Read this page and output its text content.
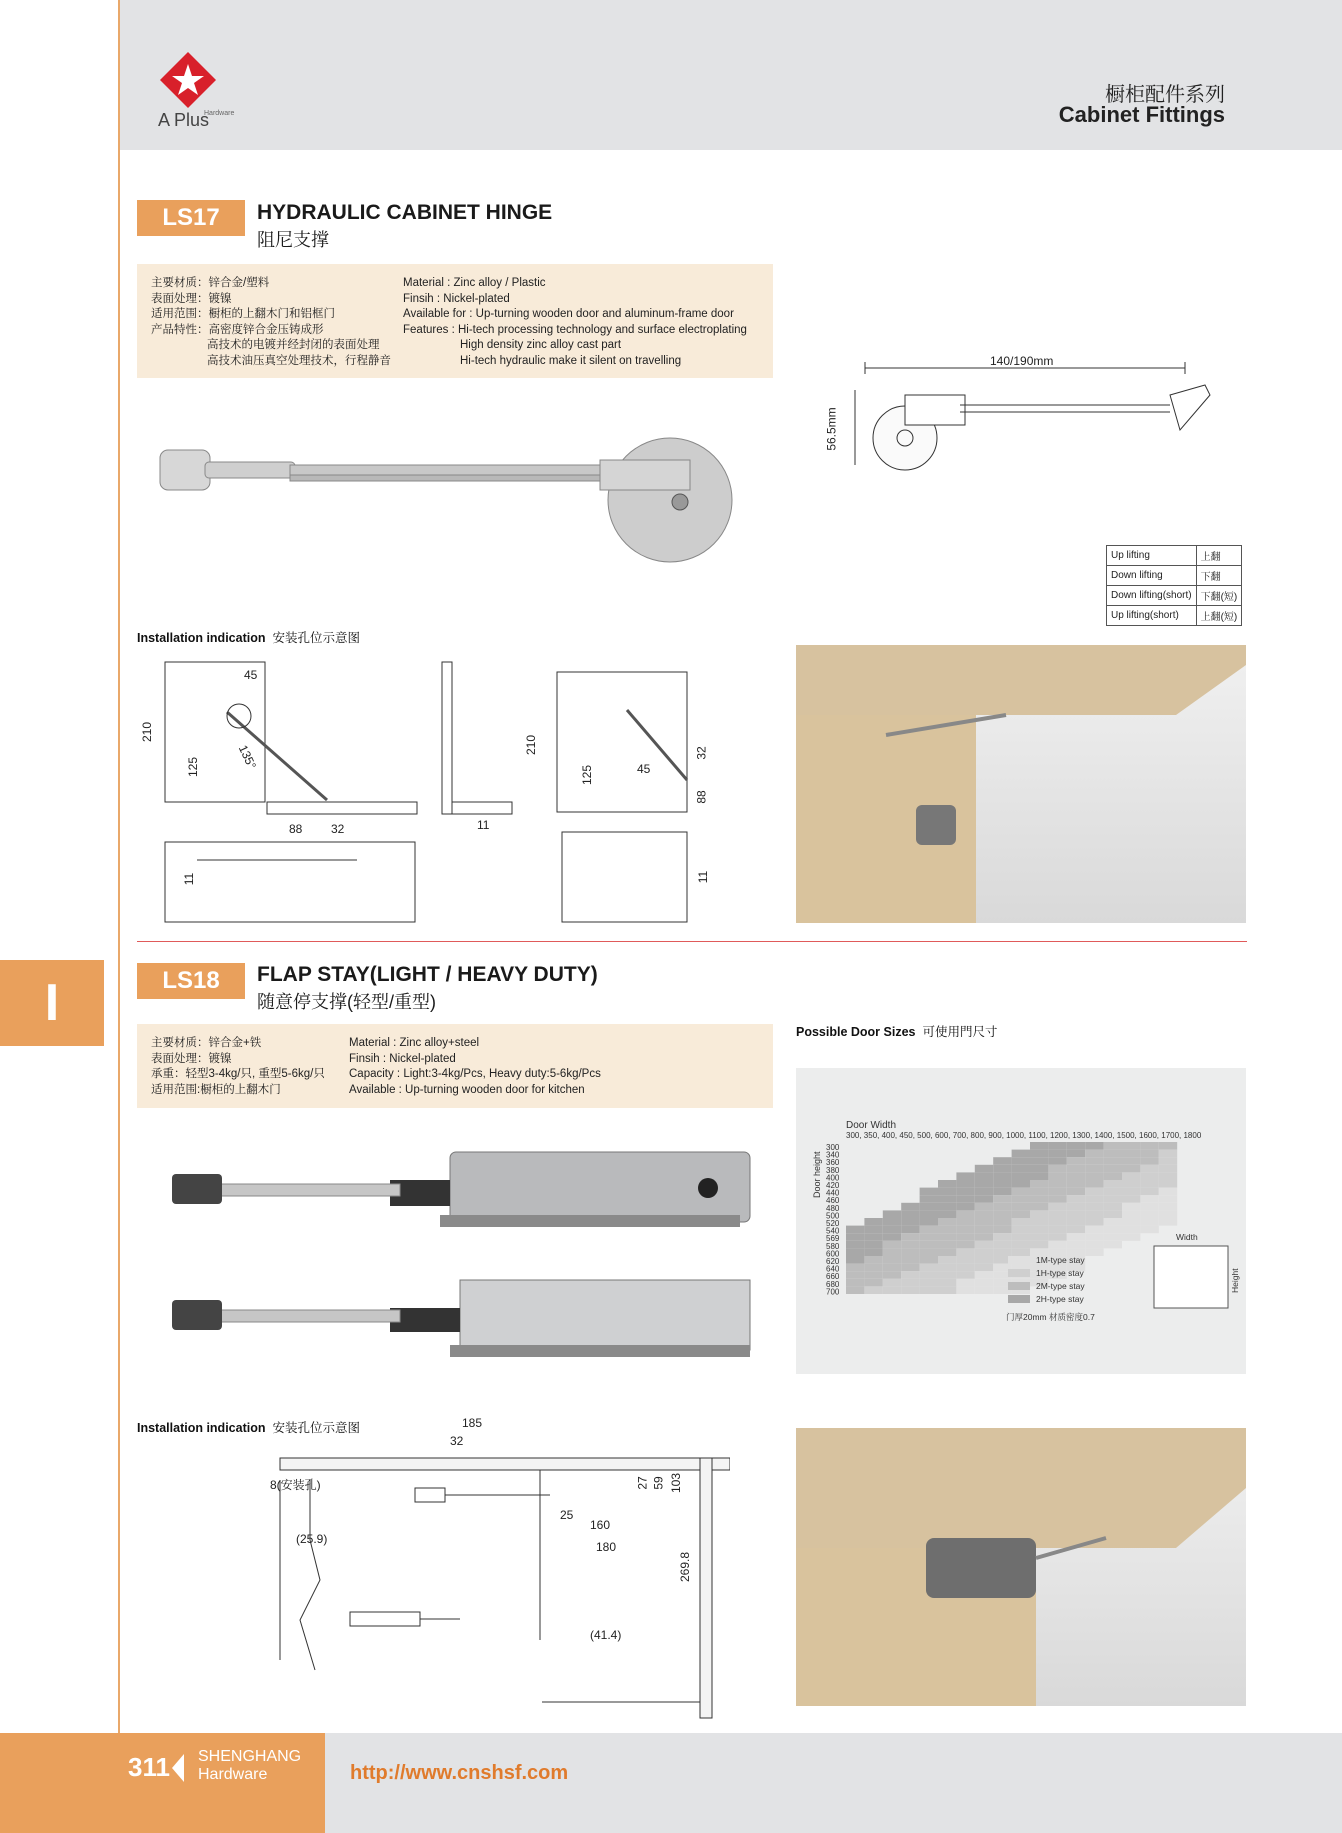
A Plus
Hardware
橱柜配件系列
Cabinet Fittings
I
LS17	HYDRAULIC CABINET HINGE
阻尼支撑
主要材质：锌合金/塑料
表面处理：镀镍
适用范围：橱柜的上翻木门和铝框门
产品特性：高密度锌合金压铸成形
高技术的电镀并经封闭的表面处理
高技术油压真空处理技术，行程静音
Material : Zinc alloy / Plastic
Finsih : Nickel-plated
Available for : Up-turning wooden door and aluminum-frame door
Features : Hi-tech processing technology and surface electroplating
High density zinc alloy cast part
Hi-tech hydraulic make it silent on travelling	140/190mm
56.5mm
Up lifting	上翻
Down lifting	下翻
Down lifting(short)	下翻(短)
Up lifting(short)	上翻(短)
Installation indication 安装孔位示意图
45
210
125	135°
88 32
11
11
210
125	45
32
88
11
LS18	FLAP STAY(LIGHT / HEAVY DUTY)
随意停支撑(轻型/重型)
主要材质：锌合金+铁
表面处理：镀镍
承重：轻型3-4kg/只, 重型5-6kg/只
适用范围:橱柜的上翻木门
Material : Zinc alloy+steel
Finsih : Nickel-plated
Capacity : Light:3-4kg/Pcs, Heavy duty:5-6kg/Pcs
Available : Up-turning wooden door for kitchen
Possible Door Sizes 可使用門尺寸
Door Width
Door height
300, 350, 400, 450, 500, 600, 700, 800, 900, 1000, 1100, 1200, 1300, 1400, 1500, 1600, 1700, 1800
300
340
360
380
400
420
440
460
480
500
520
540
569
580
600
620
640
660
680
700
1M-type stay
1H-type stay
2M-type stay
2H-type stay
Width
Height
门厚20mm 材质密度0.7
Installation indication 安装孔位示意图	185
32
8(安装孔)
(25.9)
27 59 103
25
160
180
269.8
(41.4)
311 SHENGHANG
Hardware	http://www.cnshsf.com
